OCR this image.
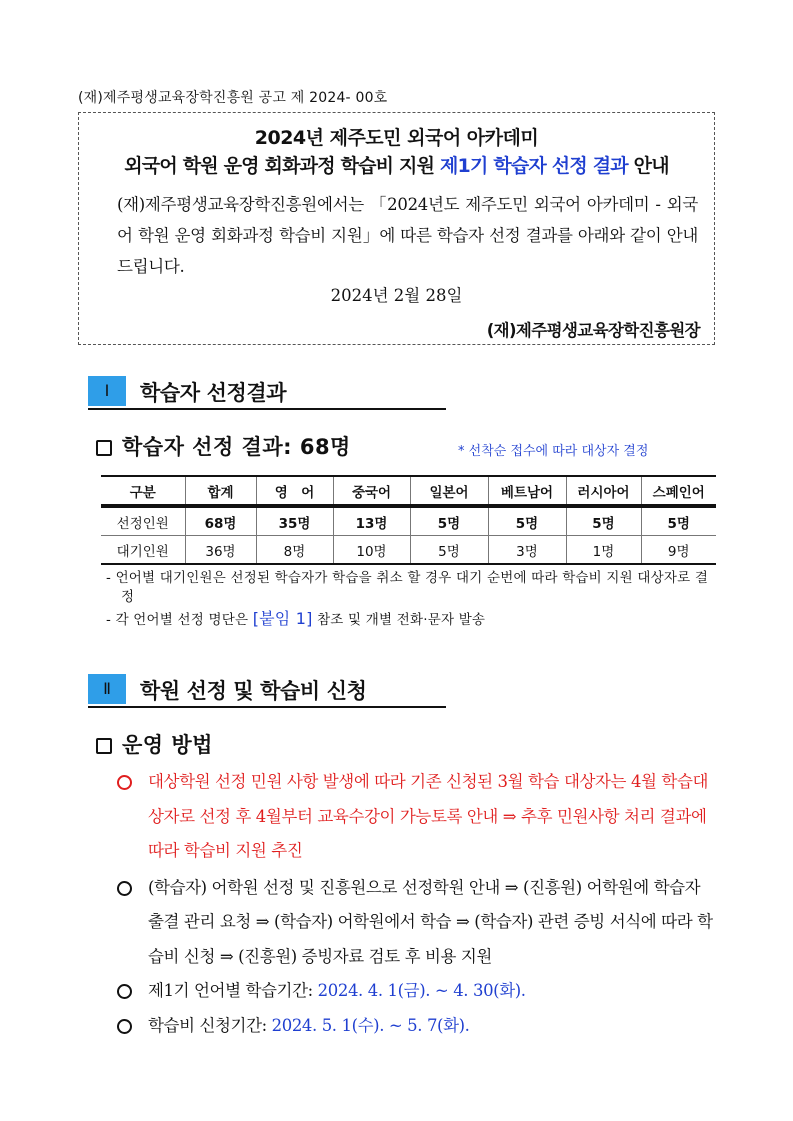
(재)제주평생교육장학진흥원 공고 제 2024- 00호
2024년 제주도민 외국어 아카데미
외국어 학원 운영 회화과정 학습비 지원 제1기 학습자 선정 결과 안내
(재)제주평생교육장학진흥원에서는 「2024년도 제주도민 외국어 아카데미 - 외국어 학원 운영 회화과정 학습비 지원」에 따른 학습자 선정 결과를 아래와 같이 안내드립니다.
2024년 2월 28일
(재)제주평생교육장학진흥원장
Ⅰ	학습자 선정결과
학습자 선정 결과: 68명	* 선착순 접수에 따라 대상자 결정
구분	합계	영　어	중국어	일본어	베트남어	러시아어	스페인어
선정인원	68명	35명	13명	5명	5명	5명	5명
대기인원	36명	8명	10명	5명	3명	1명	9명
- 언어별 대기인원은 선정된 학습자가 학습을 취소 할 경우 대기 순번에 따라 학습비 지원 대상자로 결정
- 각 언어별 선정 명단은 [붙임 1] 참조 및 개별 전화·문자 발송
Ⅱ	학원 선정 및 학습비 신청
운영 방법
대상학원 선정 민원 사항 발생에 따라 기존 신청된 3월 학습 대상자는 4월 학습대상자로 선정 후 4월부터 교육수강이 가능토록 안내 ⇒ 추후 민원사항 처리 결과에 따라 학습비 지원 추진
(학습자) 어학원 선정 및 진흥원으로 선정학원 안내 ⇒ (진흥원) 어학원에 학습자 출결 관리 요청 ⇒ (학습자) 어학원에서 학습 ⇒ (학습자) 관련 증빙 서식에 따라 학습비 신청 ⇒ (진흥원) 증빙자료 검토 후 비용 지원
제1기 언어별 학습기간: 2024. 4. 1(금). ~ 4. 30(화).
학습비 신청기간: 2024. 5. 1(수). ~ 5. 7(화).
